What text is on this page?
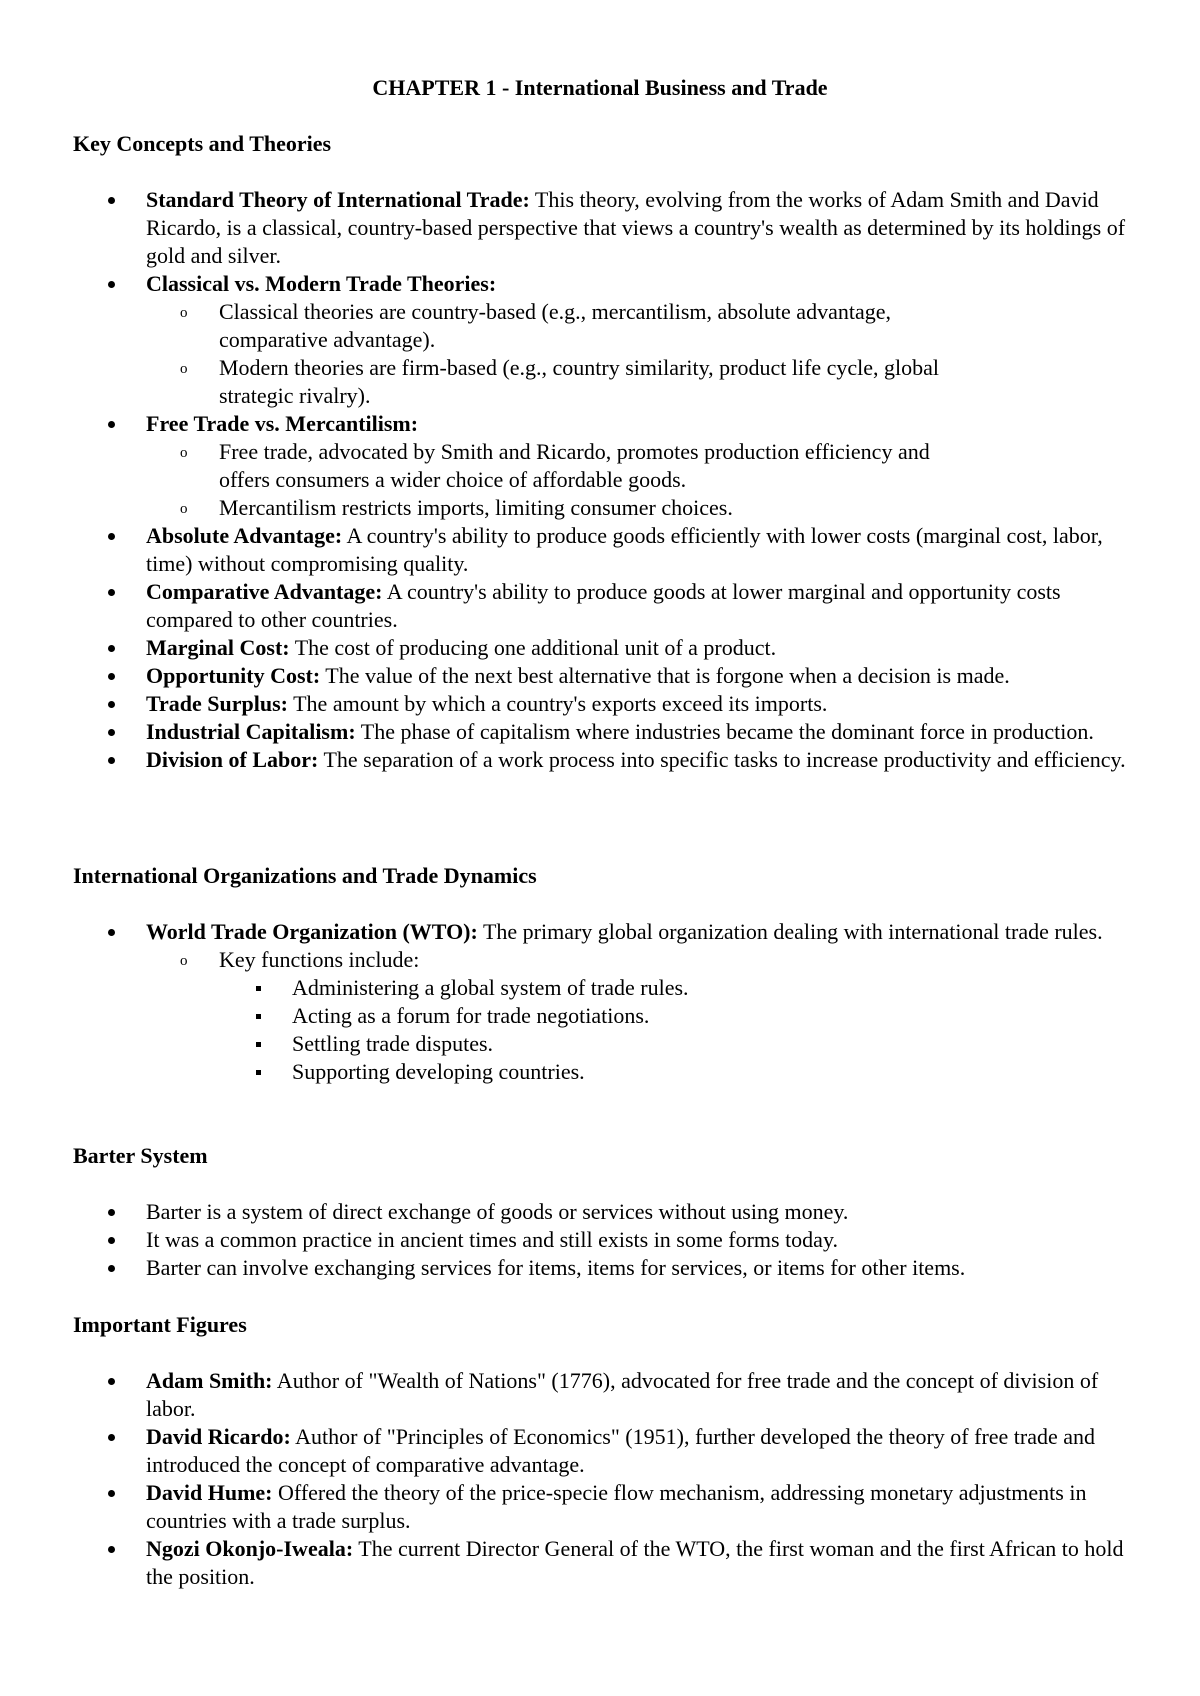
CHAPTER 1 - International Business and Trade
Key Concepts and Theories
Standard Theory of International Trade: This theory, evolving from the works of Adam Smith and David Ricardo, is a classical, country-based perspective that views a country's wealth as determined by its holdings of gold and silver.
Classical vs. Modern Trade Theories:
o Classical theories are country-based (e.g., mercantilism, absolute advantage, comparative advantage).
o Modern theories are firm-based (e.g., country similarity, product life cycle, global strategic rivalry).
Free Trade vs. Mercantilism:
o Free trade, advocated by Smith and Ricardo, promotes production efficiency and offers consumers a wider choice of affordable goods.
o Mercantilism restricts imports, limiting consumer choices.
Absolute Advantage: A country's ability to produce goods efficiently with lower costs (marginal cost, labor, time) without compromising quality.
Comparative Advantage: A country's ability to produce goods at lower marginal and opportunity costs compared to other countries.
Marginal Cost: The cost of producing one additional unit of a product.
Opportunity Cost: The value of the next best alternative that is forgone when a decision is made.
Trade Surplus: The amount by which a country's exports exceed its imports.
Industrial Capitalism: The phase of capitalism where industries became the dominant force in production.
Division of Labor: The separation of a work process into specific tasks to increase productivity and efficiency.
International Organizations and Trade Dynamics
World Trade Organization (WTO): The primary global organization dealing with international trade rules.
o Key functions include:
Administering a global system of trade rules.
Acting as a forum for trade negotiations.
Settling trade disputes.
Supporting developing countries.
Barter System
Barter is a system of direct exchange of goods or services without using money.
It was a common practice in ancient times and still exists in some forms today.
Barter can involve exchanging services for items, items for services, or items for other items.
Important Figures
Adam Smith: Author of "Wealth of Nations" (1776), advocated for free trade and the concept of division of labor.
David Ricardo: Author of "Principles of Economics" (1951), further developed the theory of free trade and introduced the concept of comparative advantage.
David Hume: Offered the theory of the price-specie flow mechanism, addressing monetary adjustments in countries with a trade surplus.
Ngozi Okonjo-Iweala: The current Director General of the WTO, the first woman and the first African to hold the position.
